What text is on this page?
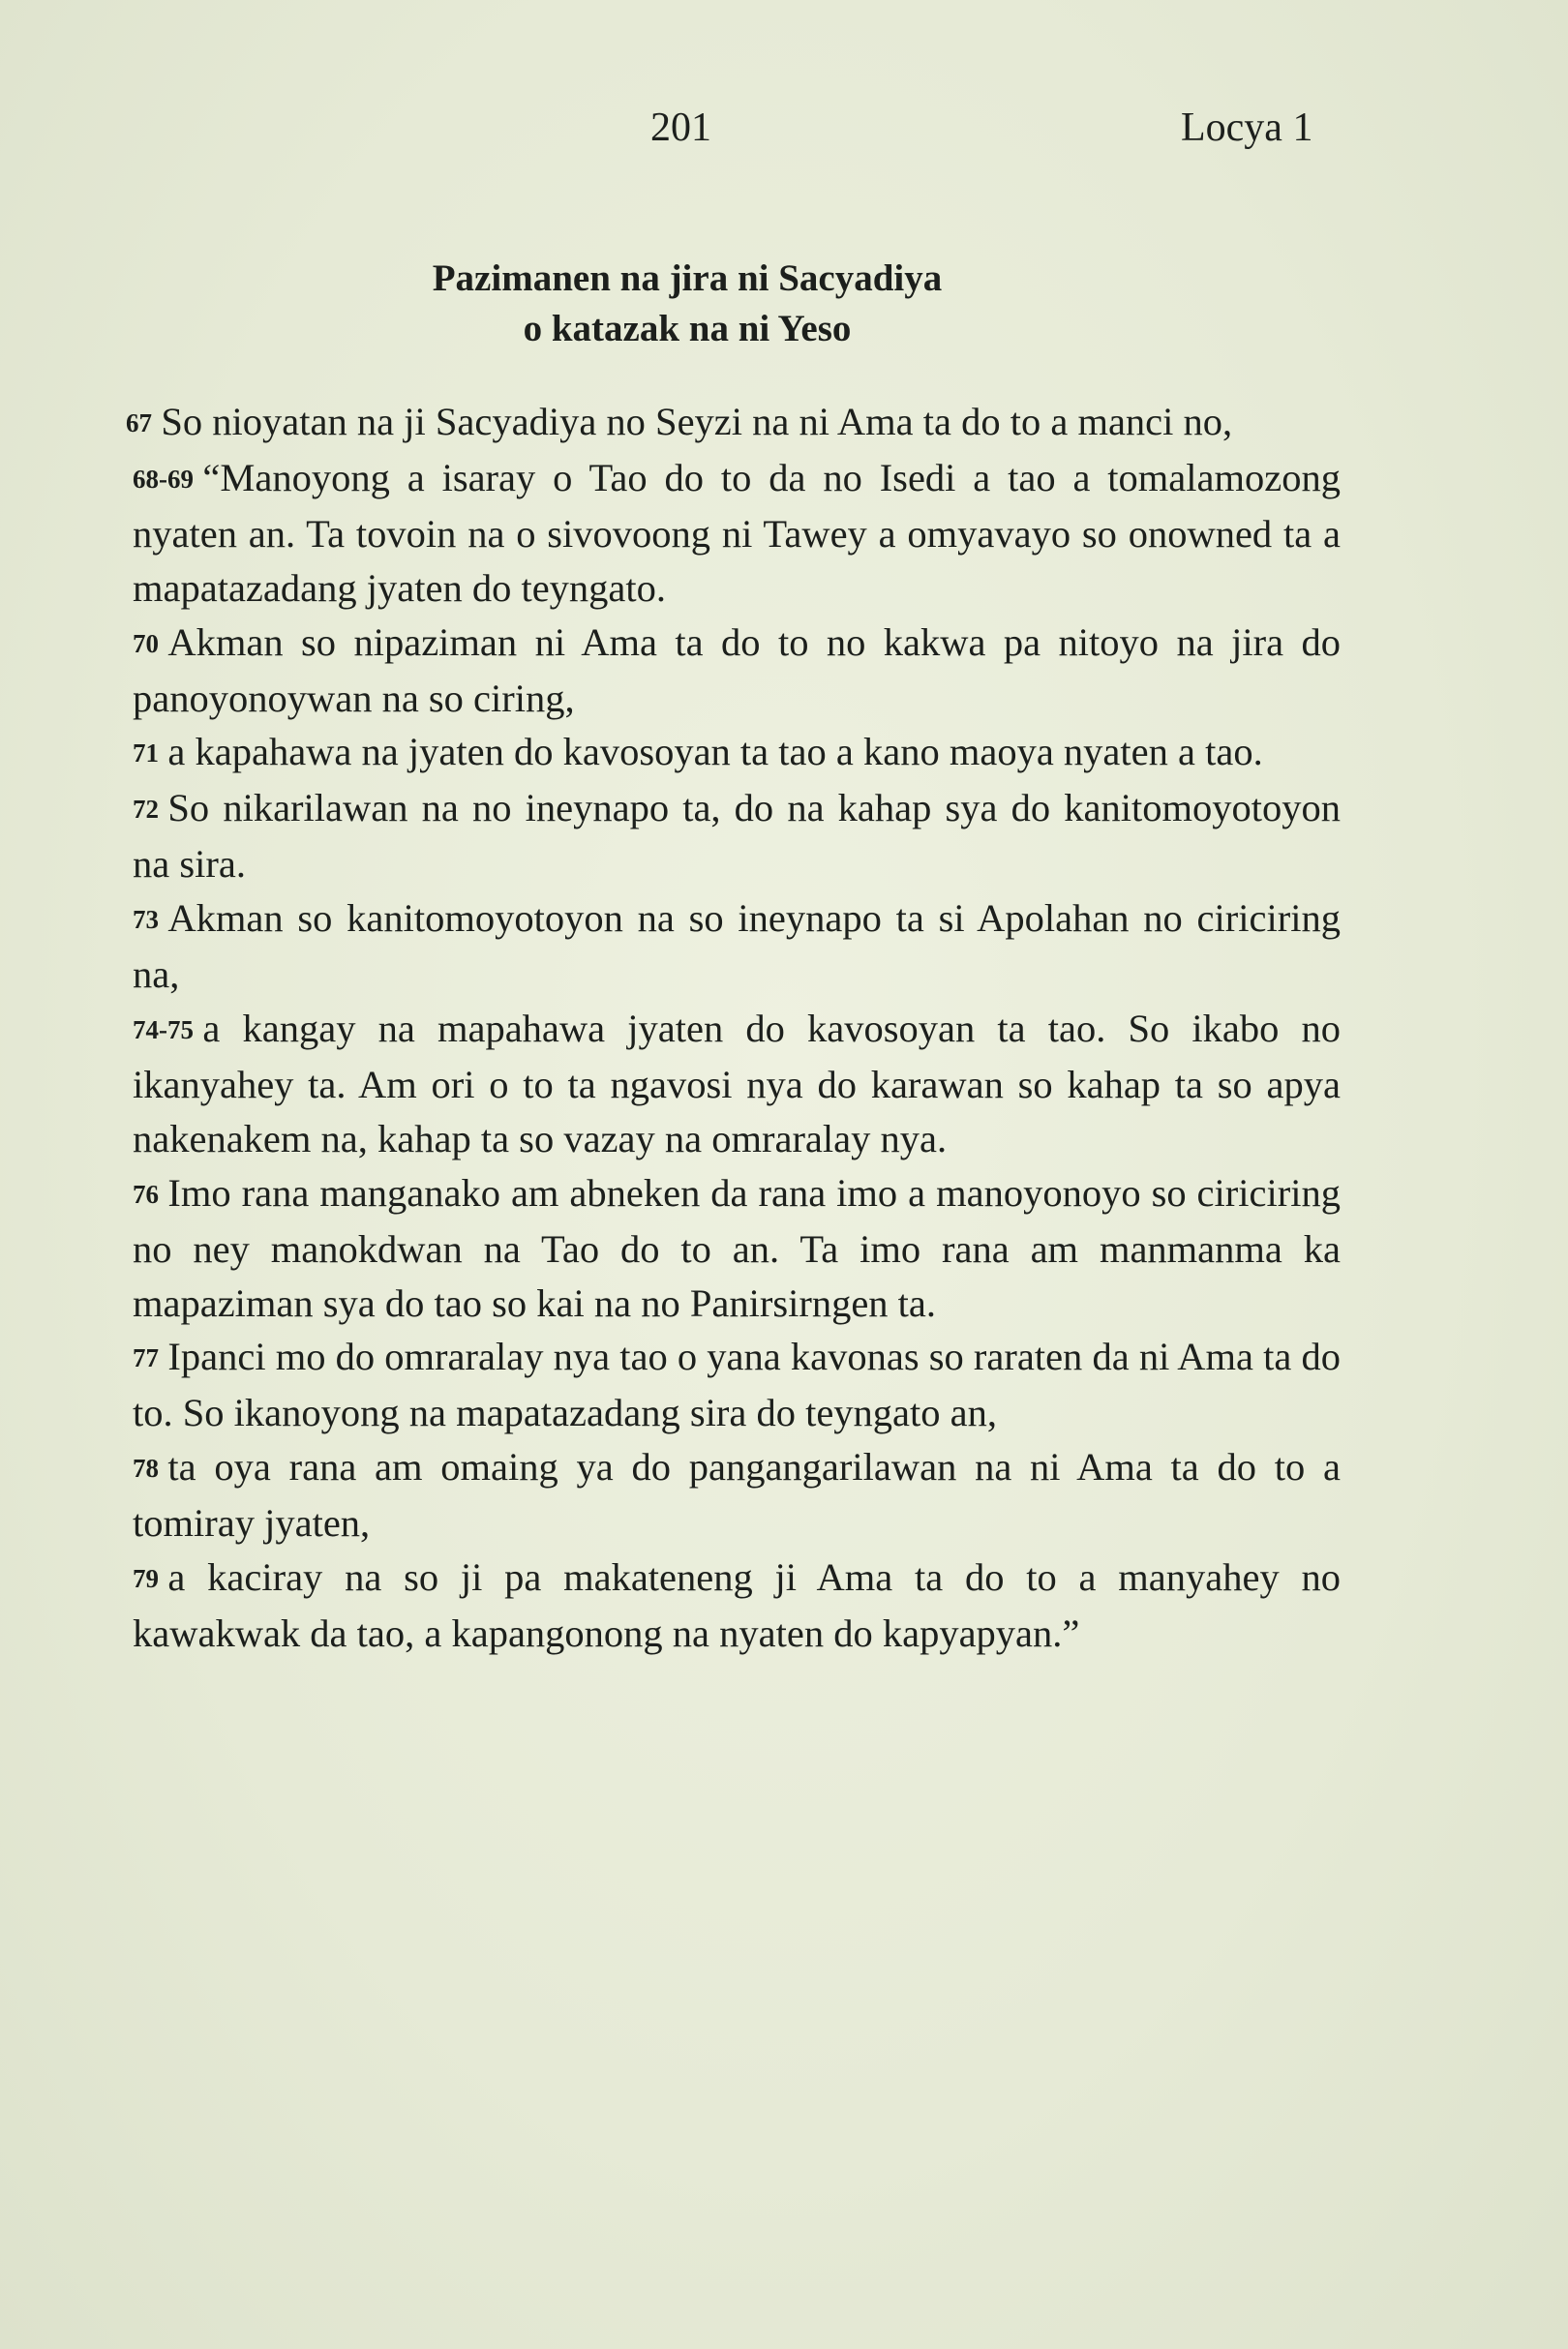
201	Locya 1
Pazimanen na jira ni Sacyadiya
o katazak na ni Yeso

67 So nioyatan na ji Sacyadiya no Seyzi na ni Ama ta do to a manci no,

68-69 “Manoyong a isaray o Tao do to da no Isedi a tao a tomalamozong nyaten an. Ta tovoin na o sivovoong ni Tawey a omyavayo so onowned ta a mapatazadang jyaten do teyngato.

70 Akman so nipaziman ni Ama ta do to no kakwa pa nitoyo na jira do panoyonoywan na so ciring,

71 a kapahawa na jyaten do kavosoyan ta tao a kano maoya nyaten a tao.

72 So nikarilawan na no ineynapo ta, do na kahap sya do kanitomoyotoyon na sira.

73 Akman so kanitomoyotoyon na so ineynapo ta si Apolahan no ciriciring na,

74-75 a kangay na mapahawa jyaten do kavosoyan ta tao. So ikabo no ikanyahey ta. Am ori o to ta ngavosi nya do karawan so kahap ta so apya nakenakem na, kahap ta so vazay na omraralay nya.

76 Imo rana manganako am abneken da rana imo a manoyonoyo so ciriciring no ney manokdwan na Tao do to an. Ta imo rana am manmanma ka mapaziman sya do tao so kai na no Panirsirngen ta.

77 Ipanci mo do omraralay nya tao o yana kavonas so raraten da ni Ama ta do to. So ikanoyong na mapatazadang sira do teyngato an,

78 ta oya rana am omaing ya do pangangarilawan na ni Ama ta do to a tomiray jyaten,

79 a kaciray na so ji pa makateneng ji Ama ta do to a manyahey no kawakwak da tao, a kapangonong na nyaten do kapyapyan.”
